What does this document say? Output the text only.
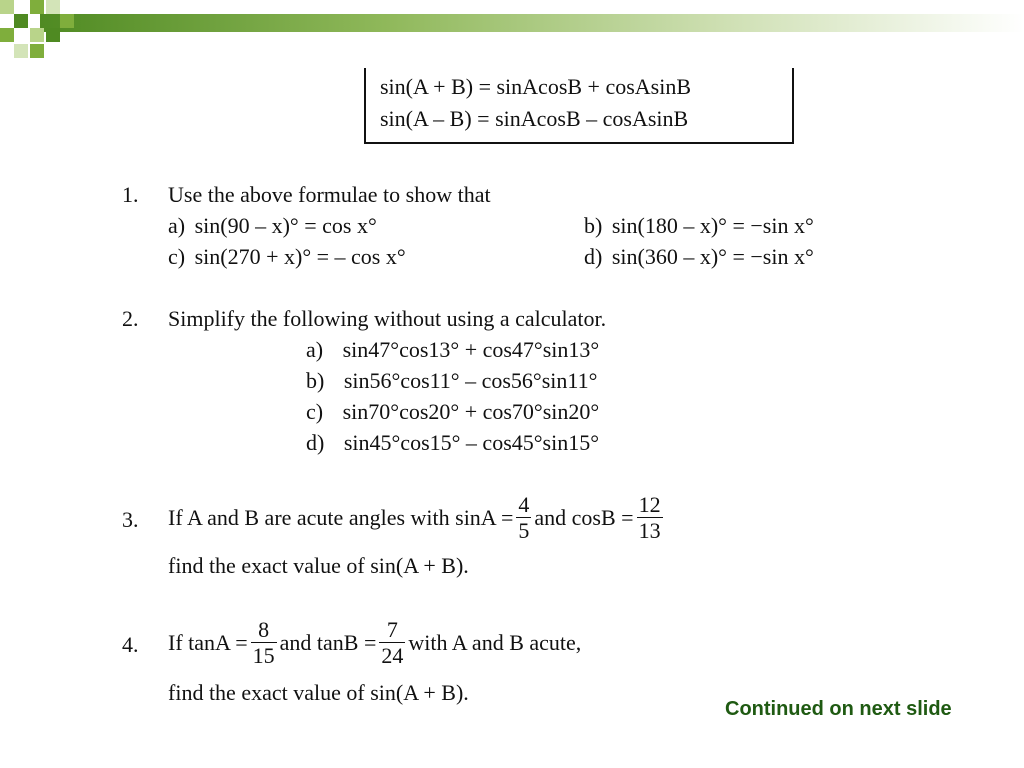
sin(A + B) = sinAcosB + cosAsinB
sin(A – B) = sinAcosB – cosAsinB
1. Use the above formulae to show that
a) sin(90 – x)° = cos x°	b) sin(180 – x)° = −sin x°
c) sin(270 + x)° = – cos x°	d) sin(360 – x)° = −sin x°
2. Simplify the following without using a calculator.
a) sin47°cos13° + cos47°sin13°
b) sin56°cos11° – cos56°sin11°
c) sin70°cos20° + cos70°sin20°
d) sin45°cos15° – cos45°sin15°
3. If A and B are acute angles with $\sin A = \frac{4}{5}$ and $\cos B = \frac{12}{13}$
find the exact value of sin(A + B).
4. If $\tan A = \frac{8}{15}$ and $\tan B = \frac{7}{24}$ with A and B acute,
find the exact value of sin(A + B).
Continued on next slide
